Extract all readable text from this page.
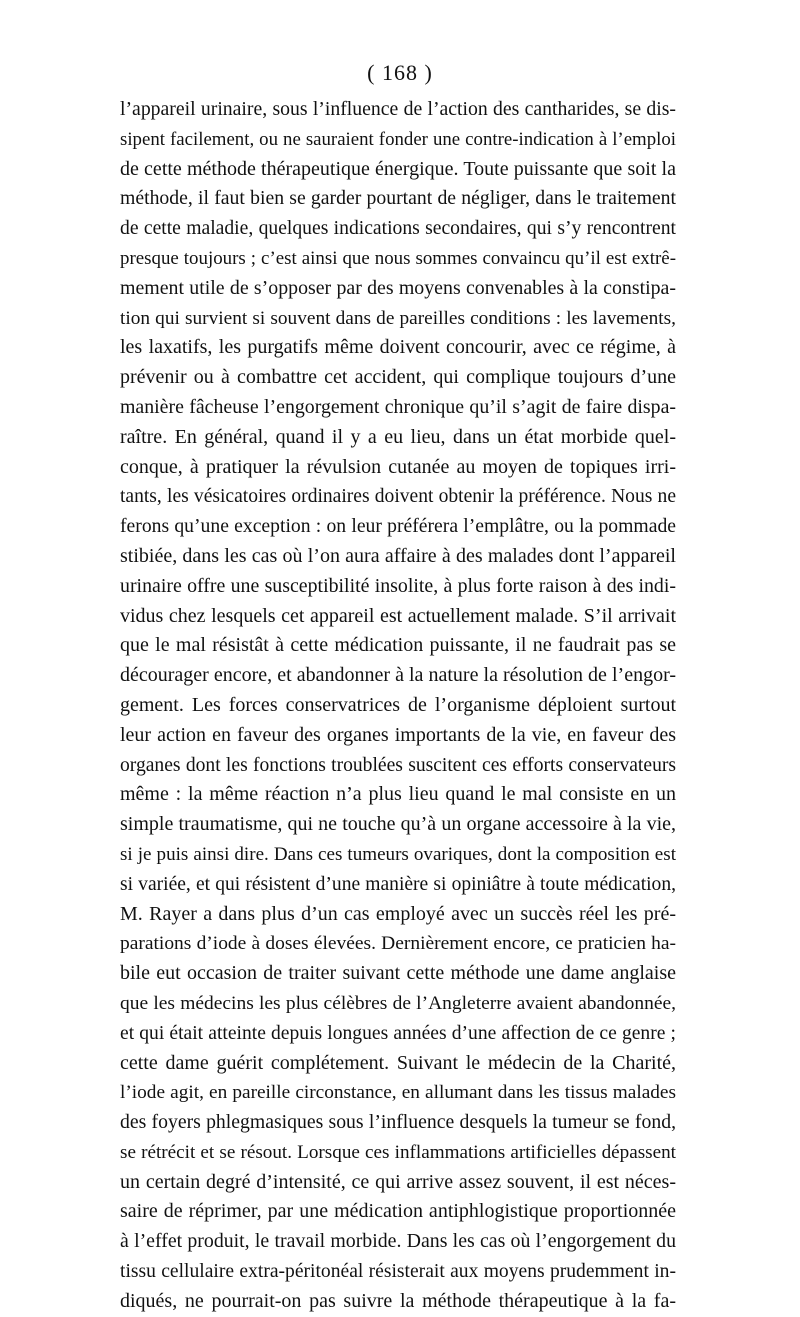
( 168 )
l’appareil urinaire, sous l’influence de l’action des cantharides, se dis-
sipent facilement, ou ne sauraient fonder une contre-indication à l’emploi
de cette méthode thérapeutique énergique. Toute puissante que soit la
méthode, il faut bien se garder pourtant de négliger, dans le traitement
de cette maladie, quelques indications secondaires, qui s’y rencontrent
presque toujours ; c’est ainsi que nous sommes convaincu qu’il est extrê-
mement utile de s’opposer par des moyens convenables à la constipa-
tion qui survient si souvent dans de pareilles conditions : les lavements,
les laxatifs, les purgatifs même doivent concourir, avec ce régime, à
prévenir ou à combattre cet accident, qui complique toujours d’une
manière fâcheuse l’engorgement chronique qu’il s’agit de faire dispa-
raître. En général, quand il y a eu lieu, dans un état morbide quel-
conque, à pratiquer la révulsion cutanée au moyen de topiques irri-
tants, les vésicatoires ordinaires doivent obtenir la préférence. Nous ne
ferons qu’une exception : on leur préférera l’emplâtre, ou la pommade
stibiée, dans les cas où l’on aura affaire à des malades dont l’appareil
urinaire offre une susceptibilité insolite, à plus forte raison à des indi-
vidus chez lesquels cet appareil est actuellement malade. S’il arrivait
que le mal résistât à cette médication puissante, il ne faudrait pas se
décourager encore, et abandonner à la nature la résolution de l’engor-
gement. Les forces conservatrices de l’organisme déploient surtout
leur action en faveur des organes importants de la vie, en faveur des
organes dont les fonctions troublées suscitent ces efforts conservateurs
même : la même réaction n’a plus lieu quand le mal consiste en un
simple traumatisme, qui ne touche qu’à un organe accessoire à la vie,
si je puis ainsi dire. Dans ces tumeurs ovariques, dont la composition est
si variée, et qui résistent d’une manière si opiniâtre à toute médication,
M. Rayer a dans plus d’un cas employé avec un succès réel les pré-
parations d’iode à doses élevées. Dernièrement encore, ce praticien ha-
bile eut occasion de traiter suivant cette méthode une dame anglaise
que les médecins les plus célèbres de l’Angleterre avaient abandonnée,
et qui était atteinte depuis longues années d’une affection de ce genre ;
cette dame guérit complétement. Suivant le médecin de la Charité,
l’iode agit, en pareille circonstance, en allumant dans les tissus malades
des foyers phlegmasiques sous l’influence desquels la tumeur se fond,
se rétrécit et se résout. Lorsque ces inflammations artificielles dépassent
un certain degré d’intensité, ce qui arrive assez souvent, il est néces-
saire de réprimer, par une médication antiphlogistique proportionnée
à l’effet produit, le travail morbide. Dans les cas où l’engorgement du
tissu cellulaire extra-péritonéal résisterait aux moyens prudemment in-
diqués, ne pourrait-on pas suivre la méthode thérapeutique à la fa-
